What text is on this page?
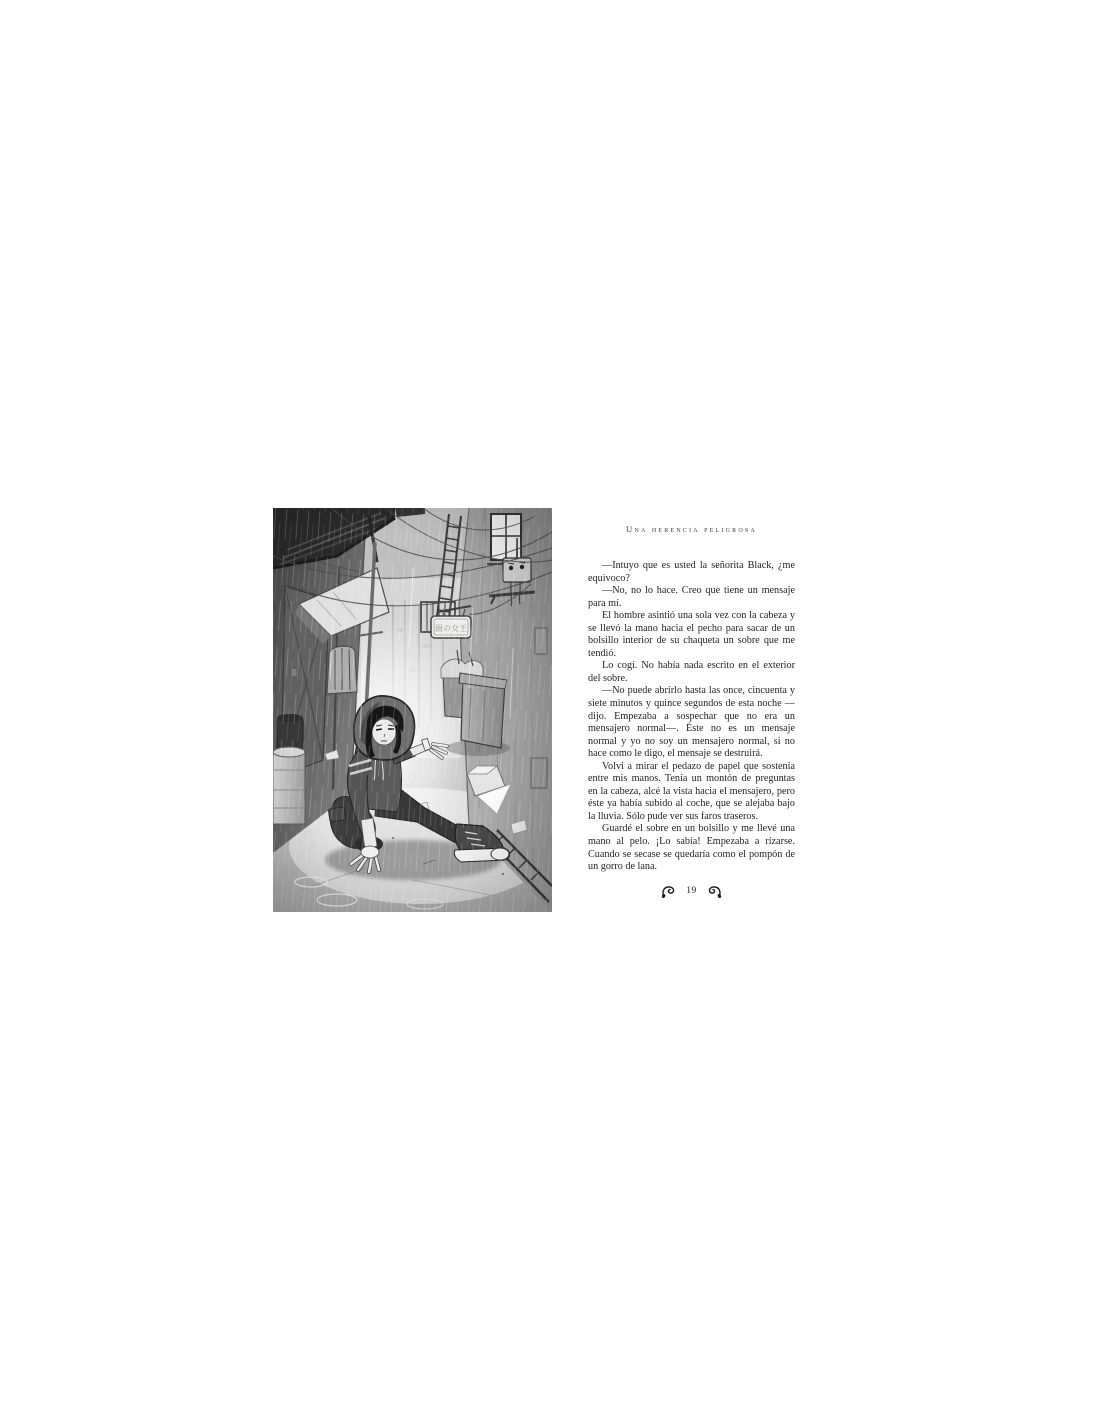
Una herencia peligrosa

—Intuyo que es usted la señorita Black, ¿me equivoco?

—No, no lo hace. Creo que tiene un mensaje para mí.

El hombre asintió una sola vez con la cabeza y se llevó la mano hacia el pecho para sacar de un bolsillo interior de su chaqueta un sobre que me tendió.

Lo cogí. No había nada escrito en el exterior del sobre.

—No puede abrirlo hasta las once, cincuenta y siete minutos y quince segundos de esta noche —dijo. Empezaba a sospechar que no era un mensajero normal—. Éste no es un mensaje normal y yo no soy un mensajero normal, si no hace como le digo, el mensaje se destruirá.

Volví a mirar el pedazo de papel que sostenía entre mis manos. Tenía un montón de preguntas en la cabeza, alcé la vista hacia el mensajero, pero éste ya había subido al coche, que se alejaba bajo la lluvia. Sólo pude ver sus faros traseros.

Guardé el sobre en un bolsillo y me llevé una mano al pelo. ¡Lo sabía! Empezaba a rizarse. Cuando se secase se quedaría como el pompón de un gorro de lana.

19
